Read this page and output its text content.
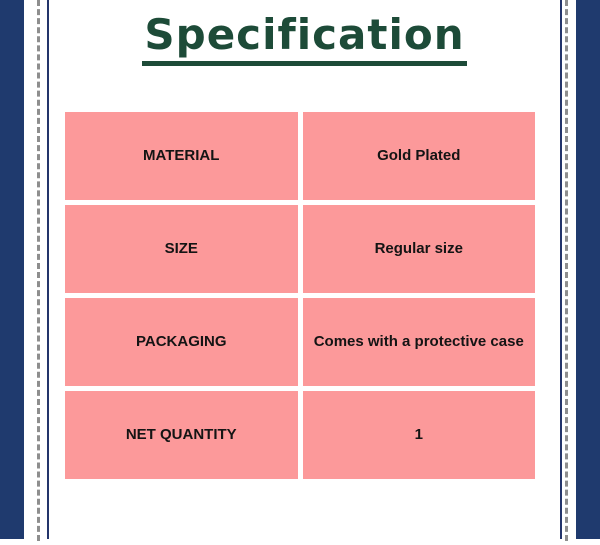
Specification
MATERIAL	Gold Plated
SIZE	Regular size
PACKAGING	Comes with a protective case
NET QUANTITY	1
